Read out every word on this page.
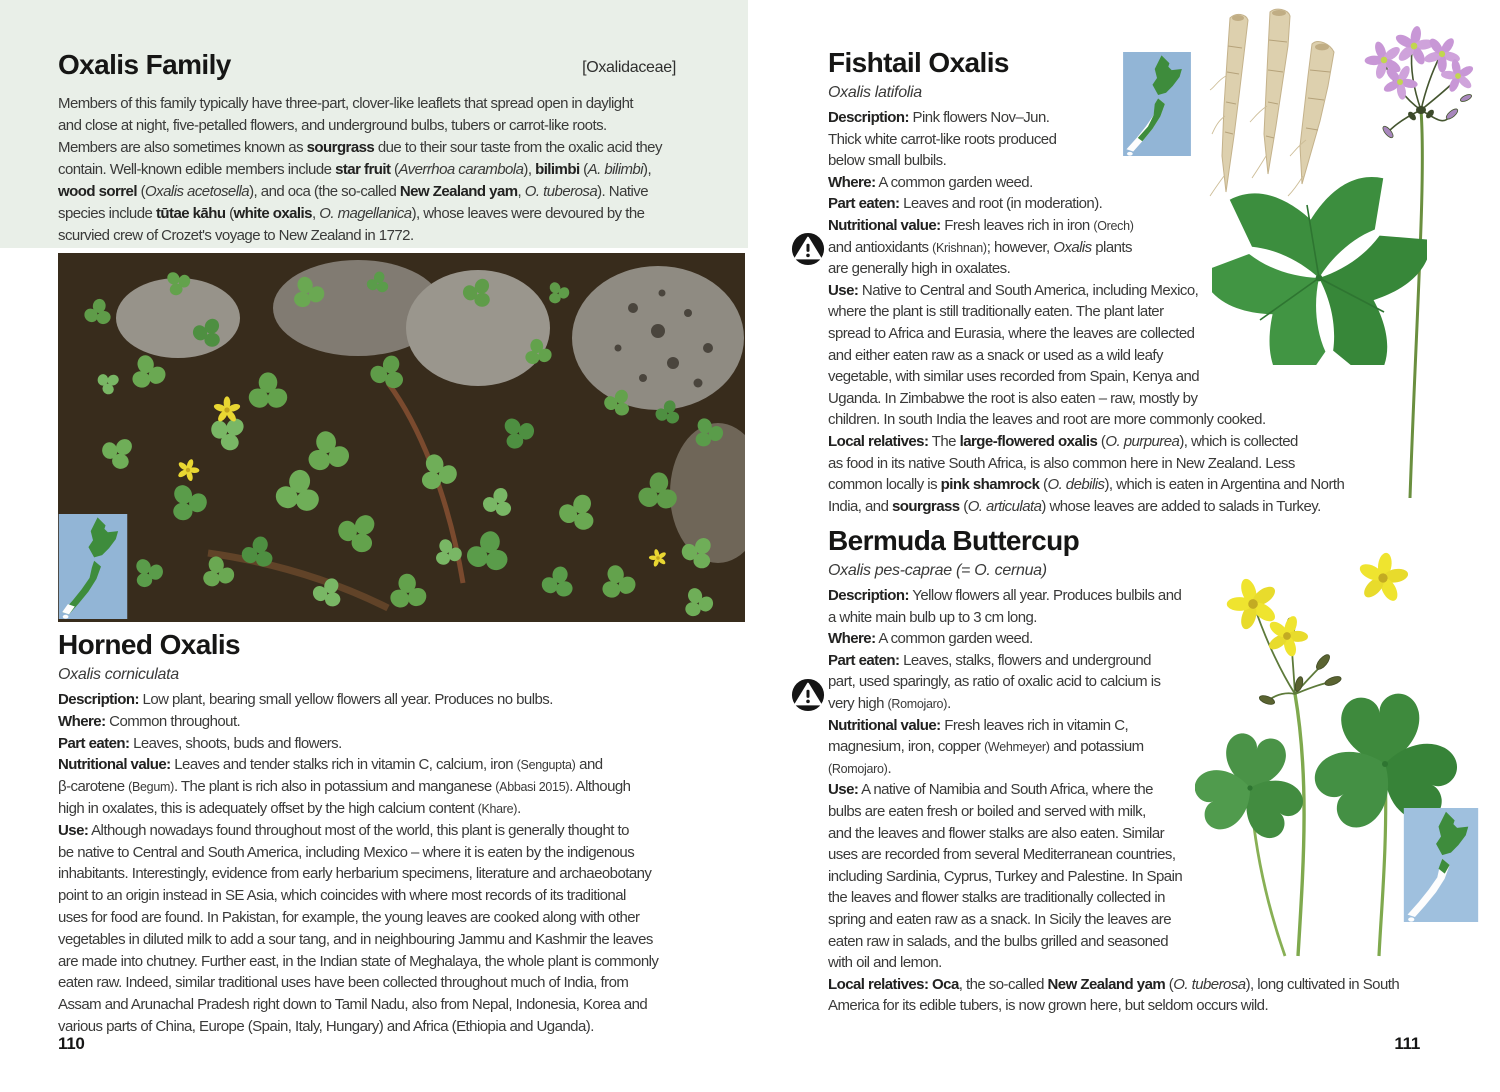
Oxalis Family	[Oxalidaceae]
Members of this family typically have three-part, clover-like leaflets that spread open in daylight
and close at night, five-petalled flowers, and underground bulbs, tubers or carrot-like roots.
Members are also sometimes known as sourgrass due to their sour taste from the oxalic acid they
contain. Well-known edible members include star fruit (Averrhoa carambola), bilimbi (A. bilimbi),
wood sorrel (Oxalis acetosella), and oca (the so-called New Zealand yam, O. tuberosa). Native
species include tūtae kāhu (white oxalis, O. magellanica), whose leaves were devoured by the
scurvied crew of Crozet's voyage to New Zealand in 1772.
Horned Oxalis
Oxalis corniculata
Description: Low plant, bearing small yellow flowers all year. Produces no bulbs.
Where: Common throughout.
Part eaten: Leaves, shoots, buds and flowers.
Nutritional value: Leaves and tender stalks rich in vitamin C, calcium, iron (Sengupta) and
β-carotene (Begum). The plant is rich also in potassium and manganese (Abbasi 2015). Although
high in oxalates, this is adequately offset by the high calcium content (Khare).
Use: Although nowadays found throughout most of the world, this plant is generally thought to
be native to Central and South America, including Mexico – where it is eaten by the indigenous
inhabitants. Interestingly, evidence from early herbarium specimens, literature and archaeobotany
point to an origin instead in SE Asia, which coincides with where most records of its traditional
uses for food are found. In Pakistan, for example, the young leaves are cooked along with other
vegetables in diluted milk to add a sour tang, and in neighbouring Jammu and Kashmir the leaves
are made into chutney. Further east, in the Indian state of Meghalaya, the whole plant is commonly
eaten raw. Indeed, similar traditional uses have been collected throughout much of India, from
Assam and Arunachal Pradesh right down to Tamil Nadu, also from Nepal, Indonesia, Korea and
various parts of China, Europe (Spain, Italy, Hungary) and Africa (Ethiopia and Uganda).
110
Fishtail Oxalis
Oxalis latifolia
Description: Pink flowers Nov–Jun.
Thick white carrot-like roots produced
below small bulbils.
Where: A common garden weed.
Part eaten: Leaves and root (in moderation).
Nutritional value: Fresh leaves rich in iron (Orech)
and antioxidants (Krishnan); however, Oxalis plants
are generally high in oxalates.
Use: Native to Central and South America, including Mexico,
where the plant is still traditionally eaten. The plant later
spread to Africa and Eurasia, where the leaves are collected
and either eaten raw as a snack or used as a wild leafy
vegetable, with similar uses recorded from Spain, Kenya and
Uganda. In Zimbabwe the root is also eaten – raw, mostly by
children. In south India the leaves and root are more commonly cooked.
Local relatives: The large-flowered oxalis (O. purpurea), which is collected
as food in its native South Africa, is also common here in New Zealand. Less
common locally is pink shamrock (O. debilis), which is eaten in Argentina and North
India, and sourgrass (O. articulata) whose leaves are added to salads in Turkey.
Bermuda Buttercup
Oxalis pes-caprae (= O. cernua)
Description: Yellow flowers all year. Produces bulbils and
a white main bulb up to 3 cm long.
Where: A common garden weed.
Part eaten: Leaves, stalks, flowers and underground
part, used sparingly, as ratio of oxalic acid to calcium is
very high (Romojaro).
Nutritional value: Fresh leaves rich in vitamin C,
magnesium, iron, copper (Wehmeyer) and potassium
(Romojaro).
Use: A native of Namibia and South Africa, where the
bulbs are eaten fresh or boiled and served with milk,
and the leaves and flower stalks are also eaten. Similar
uses are recorded from several Mediterranean countries,
including Sardinia, Cyprus, Turkey and Palestine. In Spain
the leaves and flower stalks are traditionally collected in
spring and eaten raw as a snack. In Sicily the leaves are
eaten raw in salads, and the bulbs grilled and seasoned
with oil and lemon.
Local relatives: Oca, the so-called New Zealand yam (O. tuberosa), long cultivated in South
America for its edible tubers, is now grown here, but seldom occurs wild.
111
